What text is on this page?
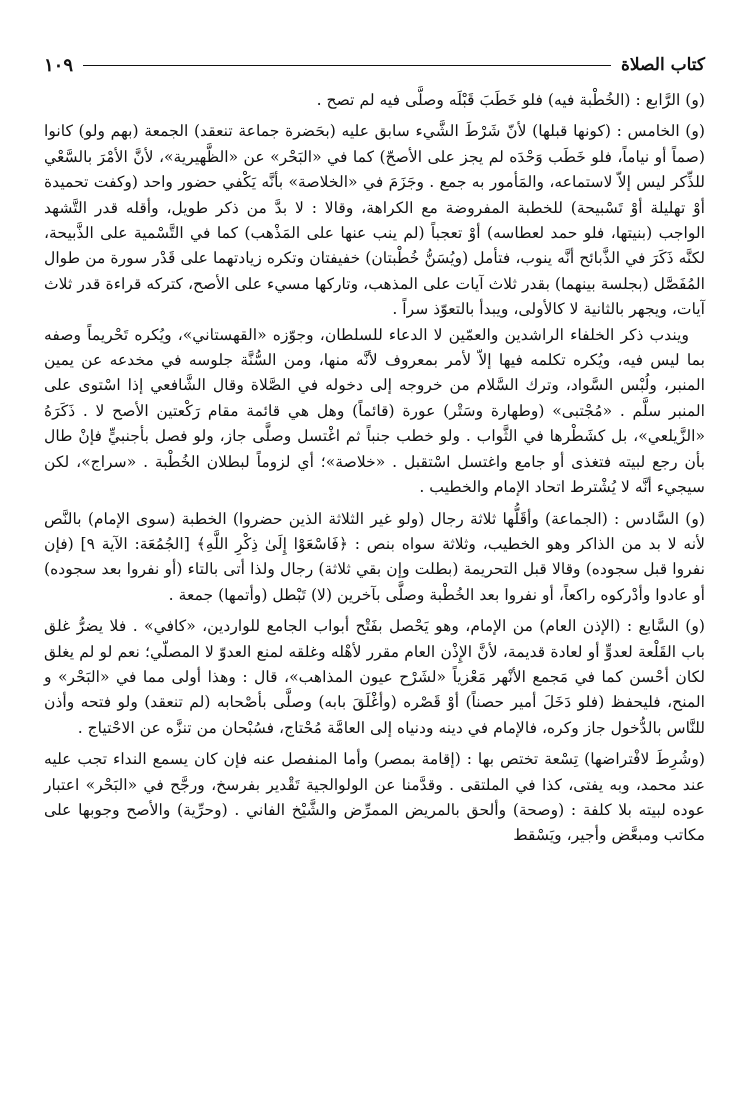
كتاب الصلاة
١٠٩

(و) الرَّابع : (الخُطْبة فيه) فلو خَطَبَ قَبْلَه وصلَّى فيه لم تصح .

(و) الخامس : (كونها قبلها) لأنّ شَرْطَ الشَّيء سابق عليه (بحَضرة جماعة تنعقد) الجمعة (بهم ولو) كانوا (صماً أو نياماً، فلو خَطَب وَحْدَه لم يجز على الأصحّ) كما في «البَحْر» عن «الظَّهيرية»، لأنَّ الأمْرَ بالسَّعْي للذِّكر ليس إلاّ لاستماعه، والمَأمور به جمع . وجَزَمَ في «الخلاصة» بأنَّه يَكْفي حضور واحد (وكفت تحميدة أوْ تهليلة أوْ تَسْبيحة) للخطبة المفروضة مع الكراهة، وقالا : لا بدَّ من ذكر طويل، وأقله قدر التَّشهد الواجب (بنيتها، فلو حمد لعطاسه) أوْ تعجباً (لم ينب عنها على المَذْهب) كما في التَّسْمية على الذَّبيحة، لكنَّه ذَكَرَ في الذَّبائح أنَّه ينوب، فتأمل (ويُسَنُّ خُطْبتان) خفيفتان وتكره زيادتهما على قَدْر سورة من طوال المُفَصَّل (بجلسة بينهما) بقدر ثلاث آيات على المذهب، وتاركها مسيء على الأصح، كتركه قراءة قدر ثلاث آيات، ويجهر بالثانية لا كالأولى، ويبدأ بالتعوّذ سراً .

ويندب ذكر الخلفاء الراشدين والعمّين لا الدعاء للسلطان، وجوّزه «القهستاني»، ويُكره تَحْريماً وصفه بما ليس فيه، ويُكره تكلمه فيها إلاّ لأمر بمعروف لأنَّه منها، ومن السُّنَّة جلوسه في مخدعه عن يمين المنبر، ولُبْس السَّواد، وترك السَّلام من خروجه إلى دخوله في الصَّلاة وقال الشَّافعي إذا اسْتوى على المنبر سلَّم . «مُجْتبى» (وطهارة وسَتْر) عورة (قائماً) وهل هي قائمة مقام رَكْعتين الأصح لا . ذَكَرَهُ «الزَّيلعي»، بل كشَطْرها في الثَّواب . ولو خطب جنباً ثم اغْتسل وصلَّى جاز، ولو فصل بأجنبيٍّ فإنْ طال بأن رجع لبيته فتغذى أو جامع واغتسل اسْتقبل . «خلاصة»؛ أي لزوماً لبطلان الخُطْبة . «سراج»، لكن سيجيء أنَّه لا يُشْترط اتحاد الإمام والخطيب .

(و) السَّادس : (الجماعة) وأقَلُّها ثلاثة رجال (ولو غير الثلاثة الذين حضروا) الخطبة (سوى الإمام) بالنَّص لأنه لا بد من الذاكر وهو الخطيب، وثلاثة سواه بنص : ﴿فَاسْعَوْا إِلَىٰ ذِكْرِ اللَّهِ﴾ [الجُمُعَة: الآية ٩] (فإن نفروا قبل سجوده) وقالا قبل التحريمة (بطلت وإن بقي ثلاثة) رجال ولذا أتى بالتاء (أو نفروا بعد سجوده) أو عادوا وأدْركوه راكعاً، أو نفروا بعد الخُطْبة وصلَّى بآخرين (لا) تَبْطل (وأتمها) جمعة .

(و) السَّابع : (الإذن العام) من الإمام، وهو يَحْصل بفَتْح أبواب الجامع للواردين، «كافي» . فلا يضرُّ غلق باب القَلْعة لعدوٍّ أو لعادة قديمة، لأنَّ الإِذْن العام مقرر لأهْله وغلقه لمنع العدوّ لا المصلّي؛ نعم لو لم يغلق لكان أحْسن كما في مَجمع الأنْهر مَعْزياً «لشَرْح عيون المذاهب»، قال : وهذا أولى مما في «البَحْر» و المنح، فليحفظ (فلو دَخَلَ أمير حصناً) أوْ قَصْره (وأغْلَقَ بابه) وصلَّى بأصْحابه (لم تنعقد) ولو فتحه وأذن للنَّاس بالدُّخول جاز وكره، فالإمام في دينه ودنياه إلى العامَّة مُحْتاج، فسُبْحان من تنزَّه عن الاحْتياج .

(وشُرِطَ لافْتراضها) تِسْعة تختص بها : (إقامة بمصر) وأما المنفصل عنه فإن كان يسمع النداء تجب عليه عند محمد، وبه يفتى، كذا في الملتقى . وقدَّمنا عن الولوالجية تَقْدير بفرسخ، ورجَّح في «البَحْر» اعتبار عوده لبيته بلا كلفة : (وصحة) وألحق بالمريض الممرِّض والشَّيْخ الفاني . (وحرِّية) والأصح وجوبها على مكاتب ومبعَّض وأجير، ويَسْقط
